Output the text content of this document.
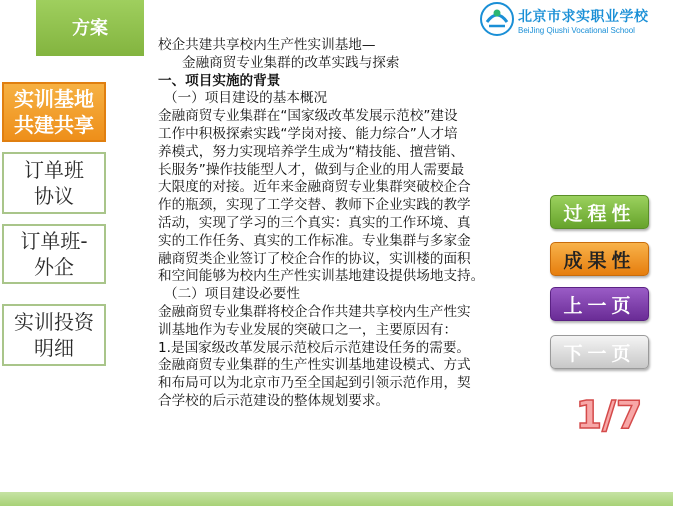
方案
北京市求实职业学校
BeiJing Qiushi Vocational School
实训基地
共建共享
订单班
协议
订单班-
外企
实训投资
明细

校企共建共享校内生产性实训基地—

金融商贸专业集群的改革实践与探索

一、项目实施的背景

（一）项目建设的基本概况

金融商贸专业集群在“国家级改革发展示范校”建设

工作中积极探索实践“学岗对接、能力综合”人才培

养模式，努力实现培养学生成为“精技能、擅营销、

长服务”操作技能型人才，做到与企业的用人需要最

大限度的对接。近年来金融商贸专业集群突破校企合

作的瓶颈，实现了工学交替、教师下企业实践的教学

活动，实现了学习的三个真实：真实的工作环境、真

实的工作任务、真实的工作标准。专业集群与多家金

融商贸类企业签订了校企合作的协议，实训楼的面积

和空间能够为校内生产性实训基地建设提供场地支持。

（二）项目建设必要性

金融商贸专业集群将校企合作共建共享校内生产性实

训基地作为专业发展的突破口之一，主要原因有：

1.是国家级改革发展示范校后示范建设任务的需要。

金融商贸专业集群的生产性实训基地建设模式、方式

和布局可以为北京市乃至全国起到引领示范作用，契

合学校的后示范建设的整体规划要求。

过程性
成果性
上一页
下一页
1/7
